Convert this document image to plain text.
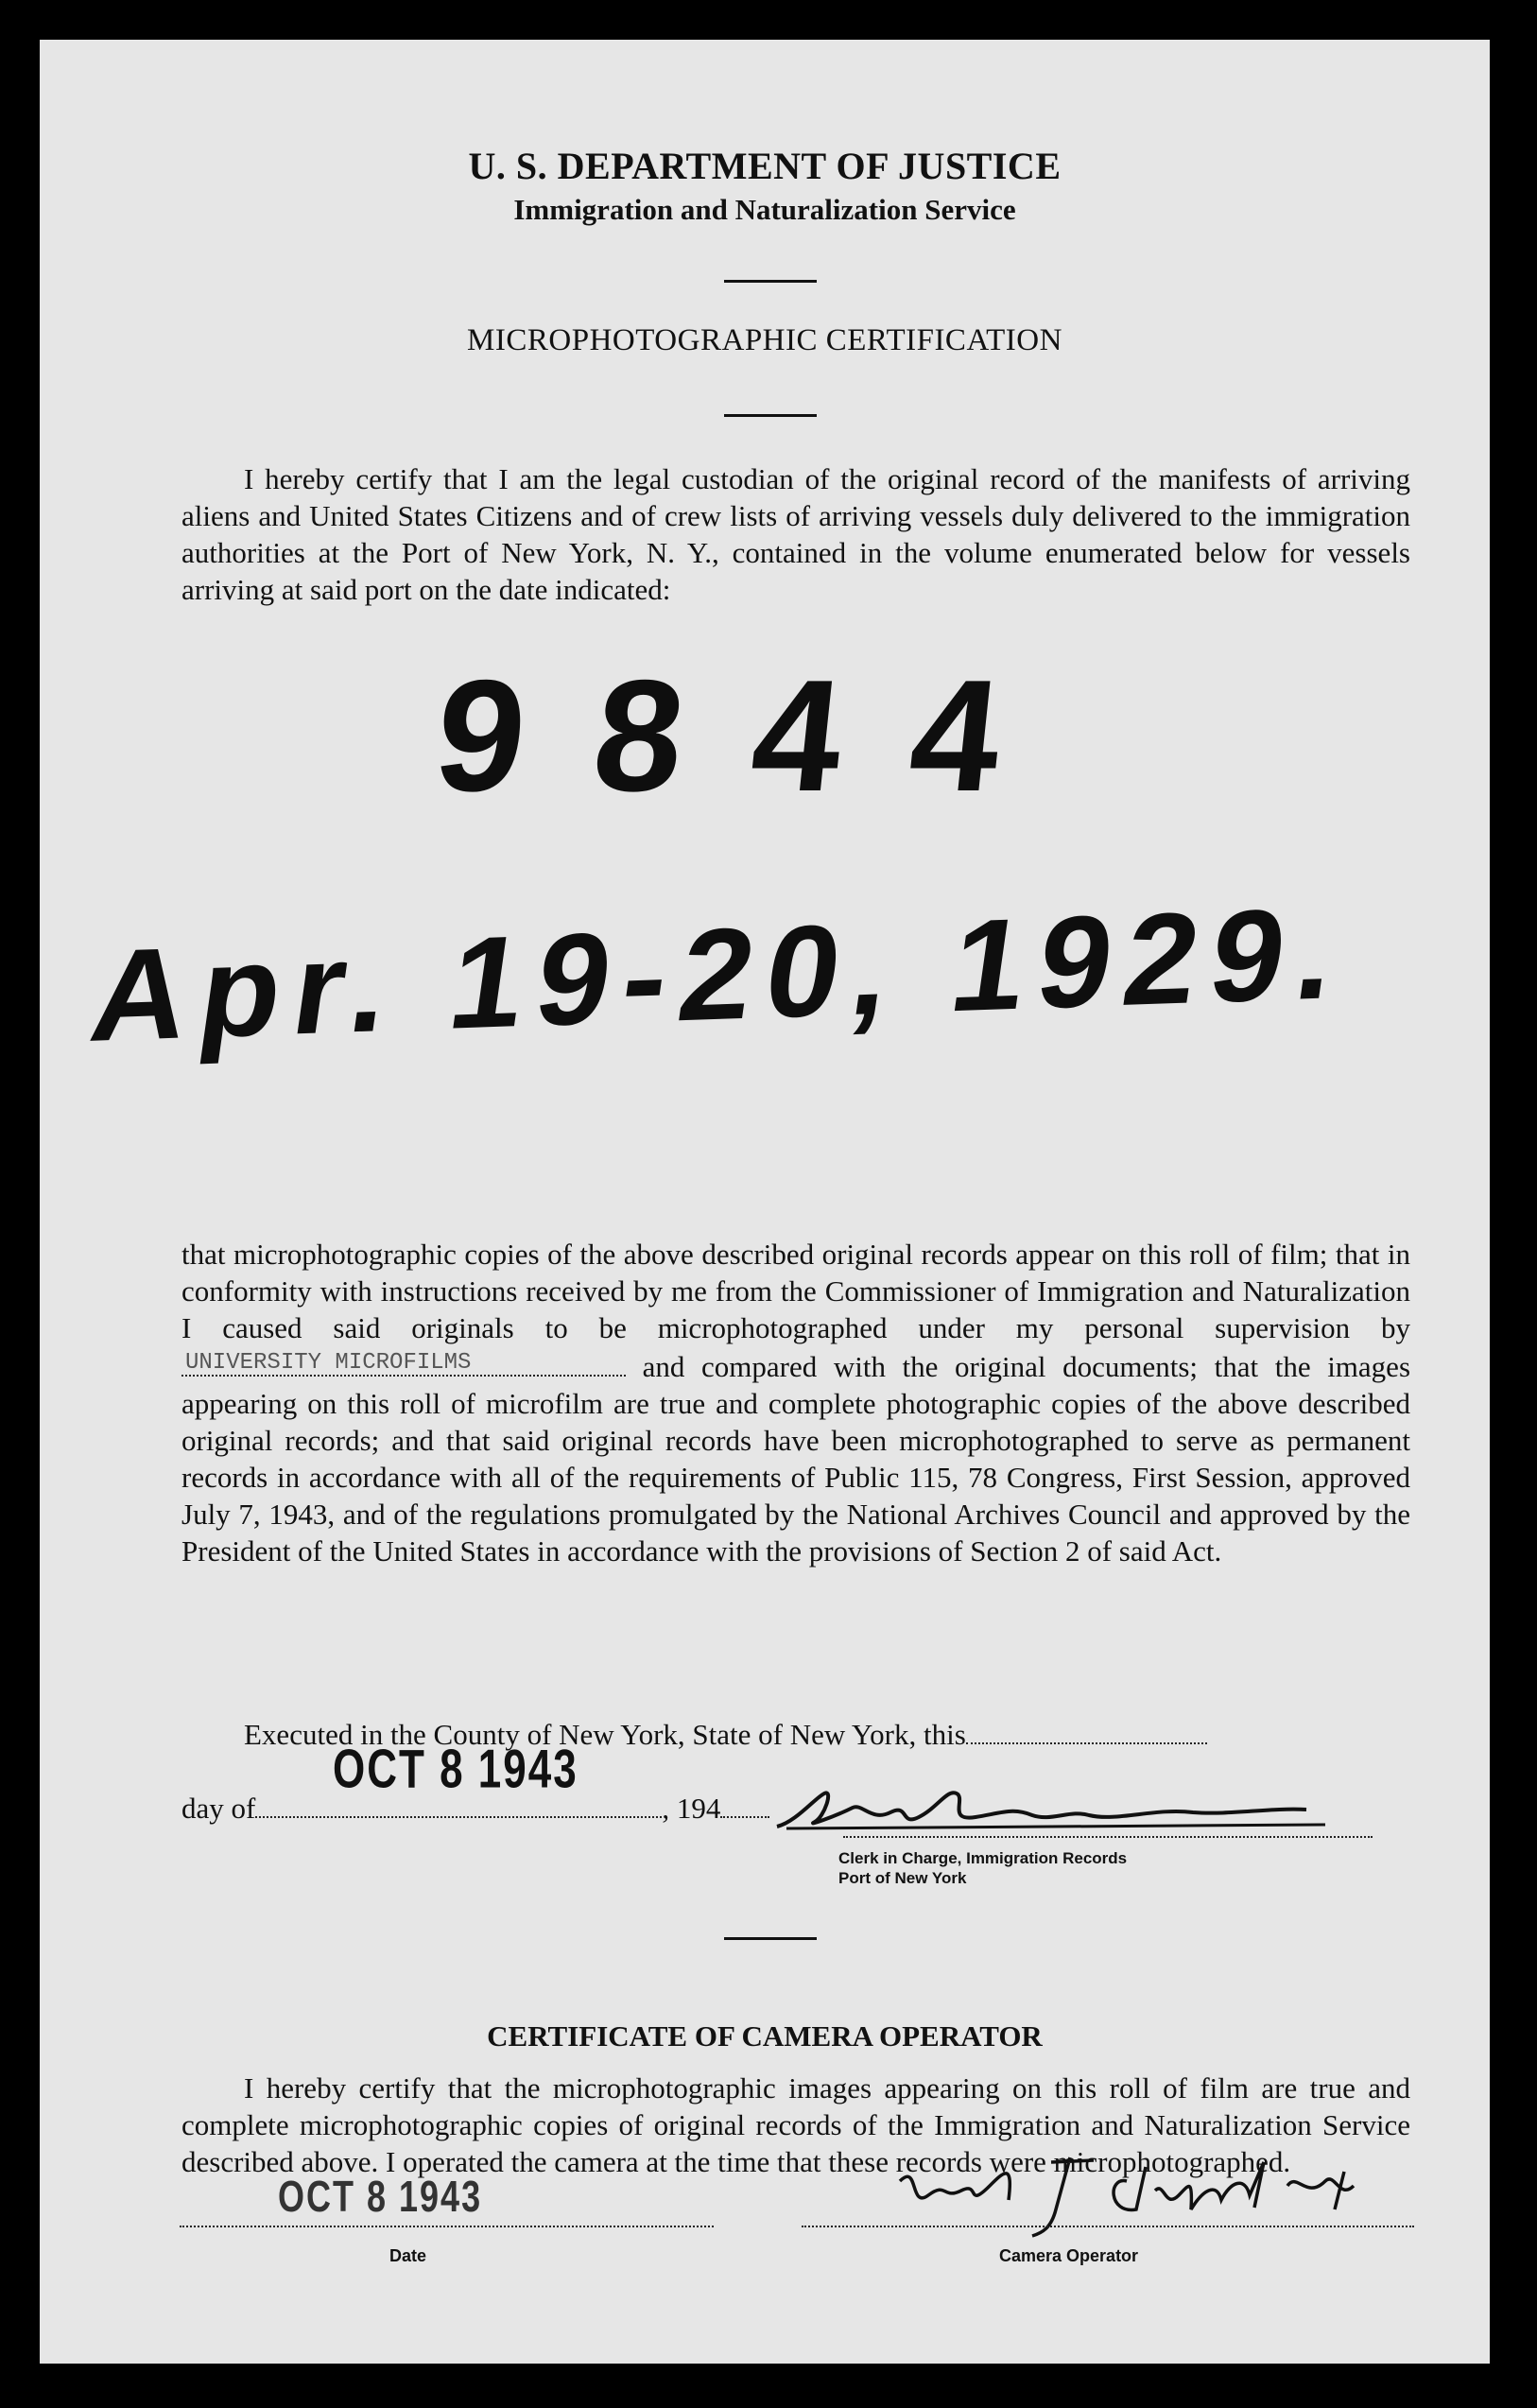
U. S. DEPARTMENT OF JUSTICE
Immigration and Naturalization Service
MICROPHOTOGRAPHIC CERTIFICATION
I hereby certify that I am the legal custodian of the original record of the manifests of arriving aliens and United States Citizens and of crew lists of arriving vessels duly delivered to the immigration authorities at the Port of New York, N. Y., contained in the volume enumerated below for vessels arriving at said port on the date indicated:
9844
Apr. 19-20, 1929.
that microphotographic copies of the above described original records appear on this roll of film; that in conformity with instructions received by me from the Commissioner of Immigration and Naturalization I caused said originals to be microphotographed under my personal supervision by
UNIVERSITY MICROFILMS	and compared with the original documents; that the images appearing on this roll of microfilm are true and complete photographic copies of the above described original records; and that said original records have been microphotographed to serve as permanent records in accordance with all of the requirements of Public 115, 78 Congress, First Session, approved July 7, 1943, and of the regulations promulgated by the National Archives Council and approved by the President of the United States in accordance with the provisions of Section 2 of said Act.
Executed in the County of New York, State of New York, this
OCT 8 1943
day of	, 194
Clerk in Charge, Immigration Records
Port of New York
CERTIFICATE OF CAMERA OPERATOR
I hereby certify that the microphotographic images appearing on this roll of film are true and complete microphotographic copies of original records of the Immigration and Naturalization Service described above. I operated the camera at the time that these records were microphotographed.
OCT 8 1943
Date	Camera Operator
